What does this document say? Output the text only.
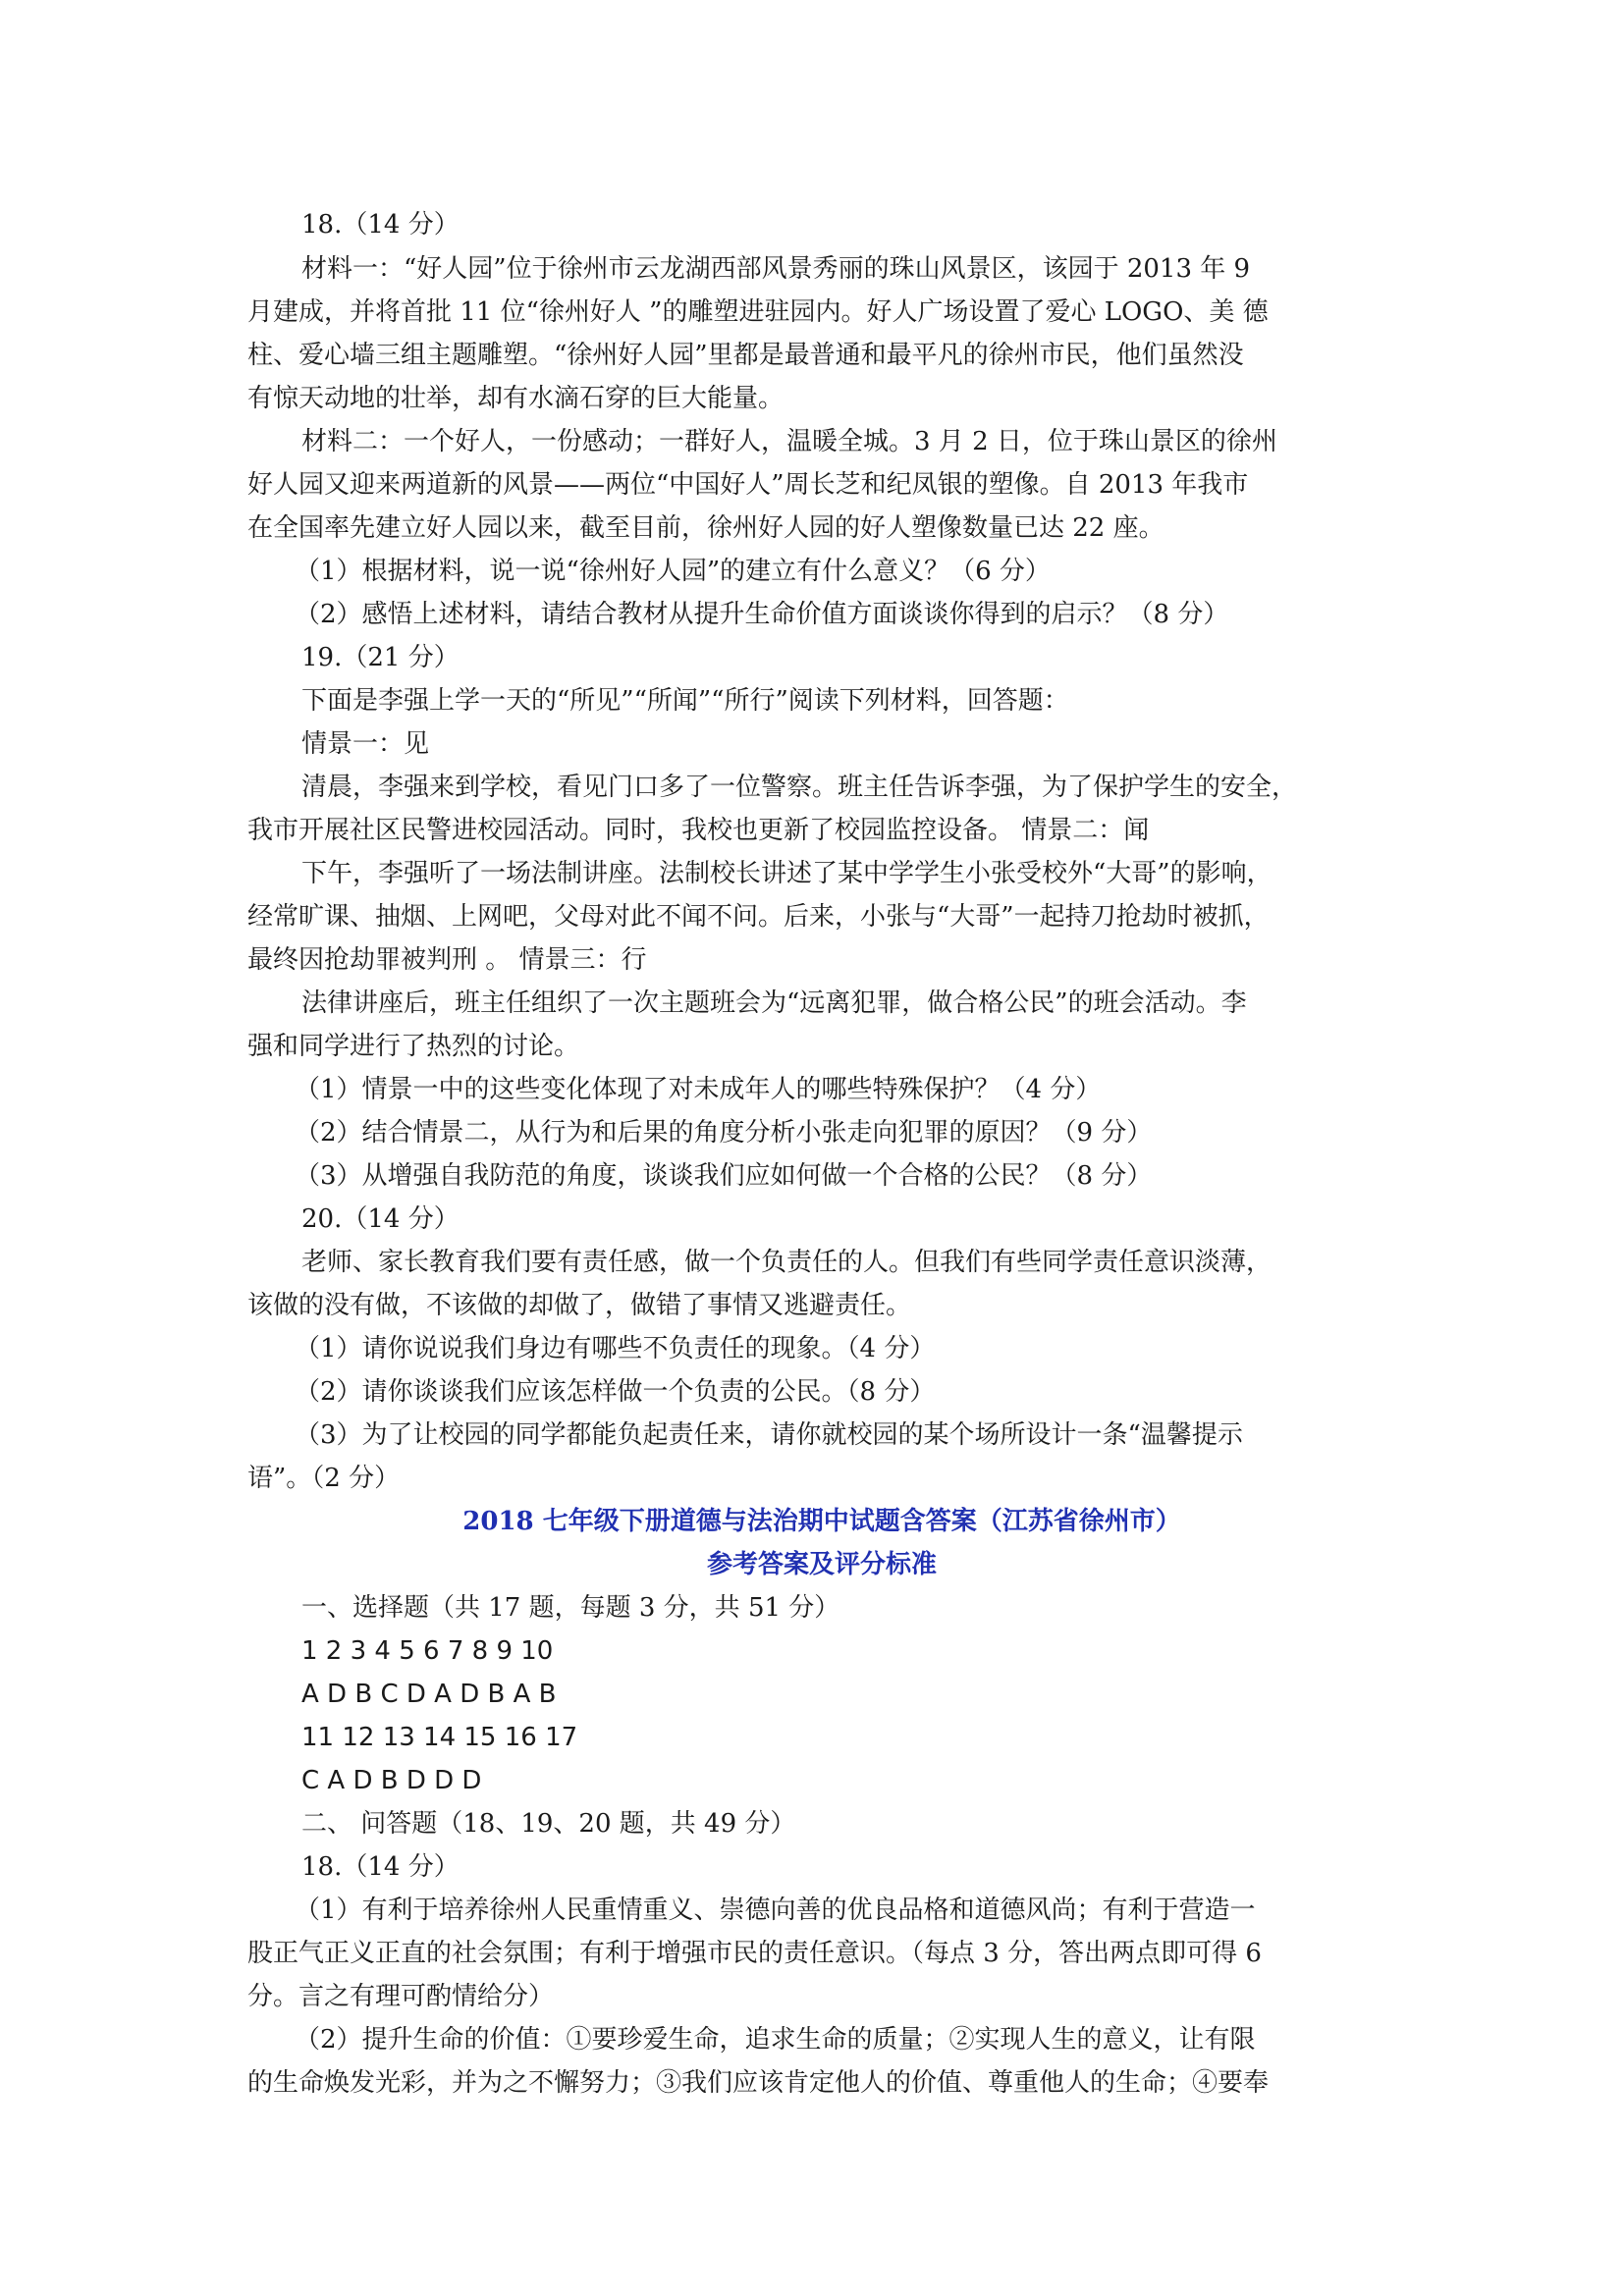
18.（14 分）
材料一：“好人园”位于徐州市云龙湖西部风景秀丽的珠山风景区，该园于 2013 年 9
月建成，并将首批 11 位“徐州好人 ”的雕塑进驻园内。好人广场设置了爱心 LOGO、美 德
柱、爱心墙三组主题雕塑。“徐州好人园”里都是最普通和最平凡的徐州市民，他们虽然没
有惊天动地的壮举，却有水滴石穿的巨大能量。
材料二：一个好人，一份感动；一群好人，温暖全城。3 月 2 日，位于珠山景区的徐州
好人园又迎来两道新的风景——两位“中国好人”周长芝和纪凤银的塑像。自 2013 年我市
在全国率先建立好人园以来，截至目前，徐州好人园的好人塑像数量已达 22 座。
（1）根据材料，说一说“徐州好人园”的建立有什么意义？（6 分）
（2）感悟上述材料，请结合教材从提升生命价值方面谈谈你得到的启示？（8 分）
19.（21 分）
下面是李强上学一天的“所见”“所闻”“所行”阅读下列材料，回答题：
情景一：见
清晨，李强来到学校，看见门口多了一位警察。班主任告诉李强，为了保护学生的安全，
我市开展社区民警进校园活动。同时，我校也更新了校园监控设备。 情景二：闻
下午，李强听了一场法制讲座。法制校长讲述了某中学学生小张受校外“大哥”的影响，
经常旷课、抽烟、上网吧，父母对此不闻不问。后来，小张与“大哥”一起持刀抢劫时被抓，
最终因抢劫罪被判刑 。 情景三：行
法律讲座后，班主任组织了一次主题班会为“远离犯罪，做合格公民”的班会活动。李
强和同学进行了热烈的讨论。
（1）情景一中的这些变化体现了对未成年人的哪些特殊保护？（4 分）
（2）结合情景二，从行为和后果的角度分析小张走向犯罪的原因？（9 分）
（3）从增强自我防范的角度，谈谈我们应如何做一个合格的公民？（8 分）
20.（14 分）
老师、家长教育我们要有责任感，做一个负责任的人。但我们有些同学责任意识淡薄，
该做的没有做，不该做的却做了，做错了事情又逃避责任。
（1）请你说说我们身边有哪些不负责任的现象。（4 分）
（2）请你谈谈我们应该怎样做一个负责的公民。（8 分）
（3）为了让校园的同学都能负起责任来，请你就校园的某个场所设计一条“温馨提示
语”。（2 分）
2018 七年级下册道德与法治期中试题含答案（江苏省徐州市）
参考答案及评分标准
一、选择题（共 17 题，每题 3 分，共 51 分）
1 2 3 4 5 6 7 8 9 10
A D B C D A D B A B
11 12 13 14 15 16 17
C A D B D D D
二、 问答题（18、19、20 题，共 49 分）
18.（14 分）
（1）有利于培养徐州人民重情重义、崇德向善的优良品格和道德风尚；有利于营造一
股正气正义正直的社会氛围；有利于增强市民的责任意识。（每点 3 分，答出两点即可得 6
分。言之有理可酌情给分）
（2）提升生命的价值：①要珍爱生命，追求生命的质量；②实现人生的意义，让有限
的生命焕发光彩，并为之不懈努力；③我们应该肯定他人的价值、尊重他人的生命；④要奉
